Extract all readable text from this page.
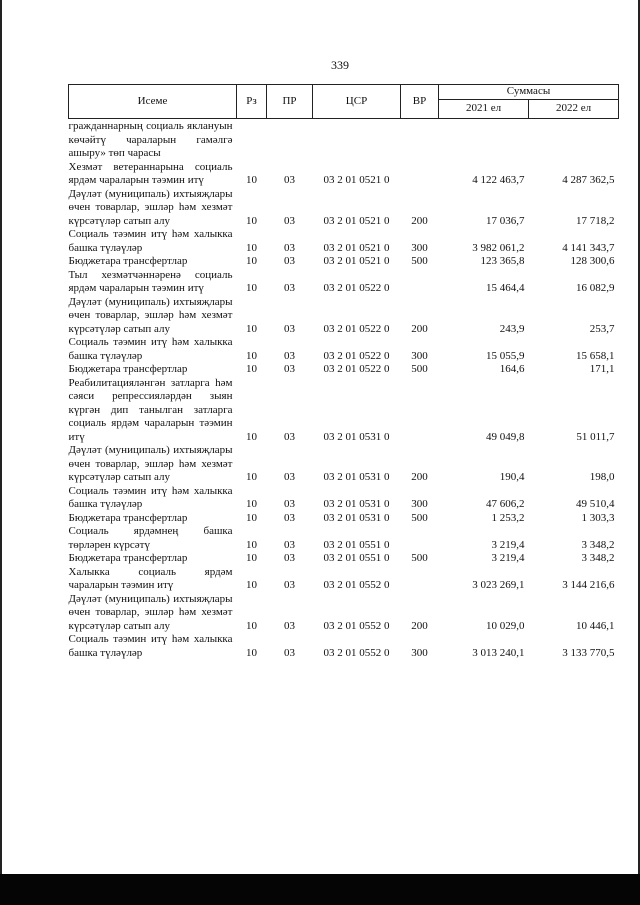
339
Исеме	Рз	ПР	ЦСР	ВР	Суммасы	
					2021 ел	2022 ел
гражданнарның социаль яклануын көчәйтү чараларын гамәлгә ашыру» төп чарасы						
Хезмәт ветераннарына социаль ярдәм чараларын тәэмин итү	10	03	03 2 01 0521 0		4 122 463,7	4 287 362,5
Дәүләт (муниципаль) ихтыяҗлары өчен товарлар, эшләр һәм хезмәт күрсәтүләр сатып алу	10	03	03 2 01 0521 0	200	17 036,7	17 718,2
Социаль тәэмин итү һәм халыкка башка түләүләр	10	03	03 2 01 0521 0	300	3 982 061,2	4 141 343,7
Бюджетара трансфертлар	10	03	03 2 01 0521 0	500	123 365,8	128 300,6
Тыл хезмәтчәннәренә социаль ярдәм чараларын тәэмин итү	10	03	03 2 01 0522 0		15 464,4	16 082,9
Дәүләт (муниципаль) ихтыяҗлары өчен товарлар, эшләр һәм хезмәт күрсәтүләр сатып алу	10	03	03 2 01 0522 0	200	243,9	253,7
Социаль тәэмин итү һәм халыкка башка түләүләр	10	03	03 2 01 0522 0	300	15 055,9	15 658,1
Бюджетара трансфертлар	10	03	03 2 01 0522 0	500	164,6	171,1
Реабилитацияләнгән затларга һәм сәяси репрессияләрдән зыян күргән дип танылган затларга социаль ярдәм чараларын тәэмин итү	10	03	03 2 01 0531 0		49 049,8	51 011,7
Дәүләт (муниципаль) ихтыяҗлары өчен товарлар, эшләр һәм хезмәт күрсәтүләр сатып алу	10	03	03 2 01 0531 0	200	190,4	198,0
Социаль тәэмин итү һәм халыкка башка түләүләр	10	03	03 2 01 0531 0	300	47 606,2	49 510,4
Бюджетара трансфертлар	10	03	03 2 01 0531 0	500	1 253,2	1 303,3
Социаль ярдәмнең башка төрләрен күрсәтү	10	03	03 2 01 0551 0		3 219,4	3 348,2
Бюджетара трансфертлар	10	03	03 2 01 0551 0	500	3 219,4	3 348,2
Халыкка социаль ярдәм чараларын тәэмин итү	10	03	03 2 01 0552 0		3 023 269,1	3 144 216,6
Дәүләт (муниципаль) ихтыяҗлары өчен товарлар, эшләр һәм хезмәт күрсәтүләр сатып алу	10	03	03 2 01 0552 0	200	10 029,0	10 446,1
Социаль тәэмин итү һәм халыкка башка түләүләр	10	03	03 2 01 0552 0	300	3 013 240,1	3 133 770,5
